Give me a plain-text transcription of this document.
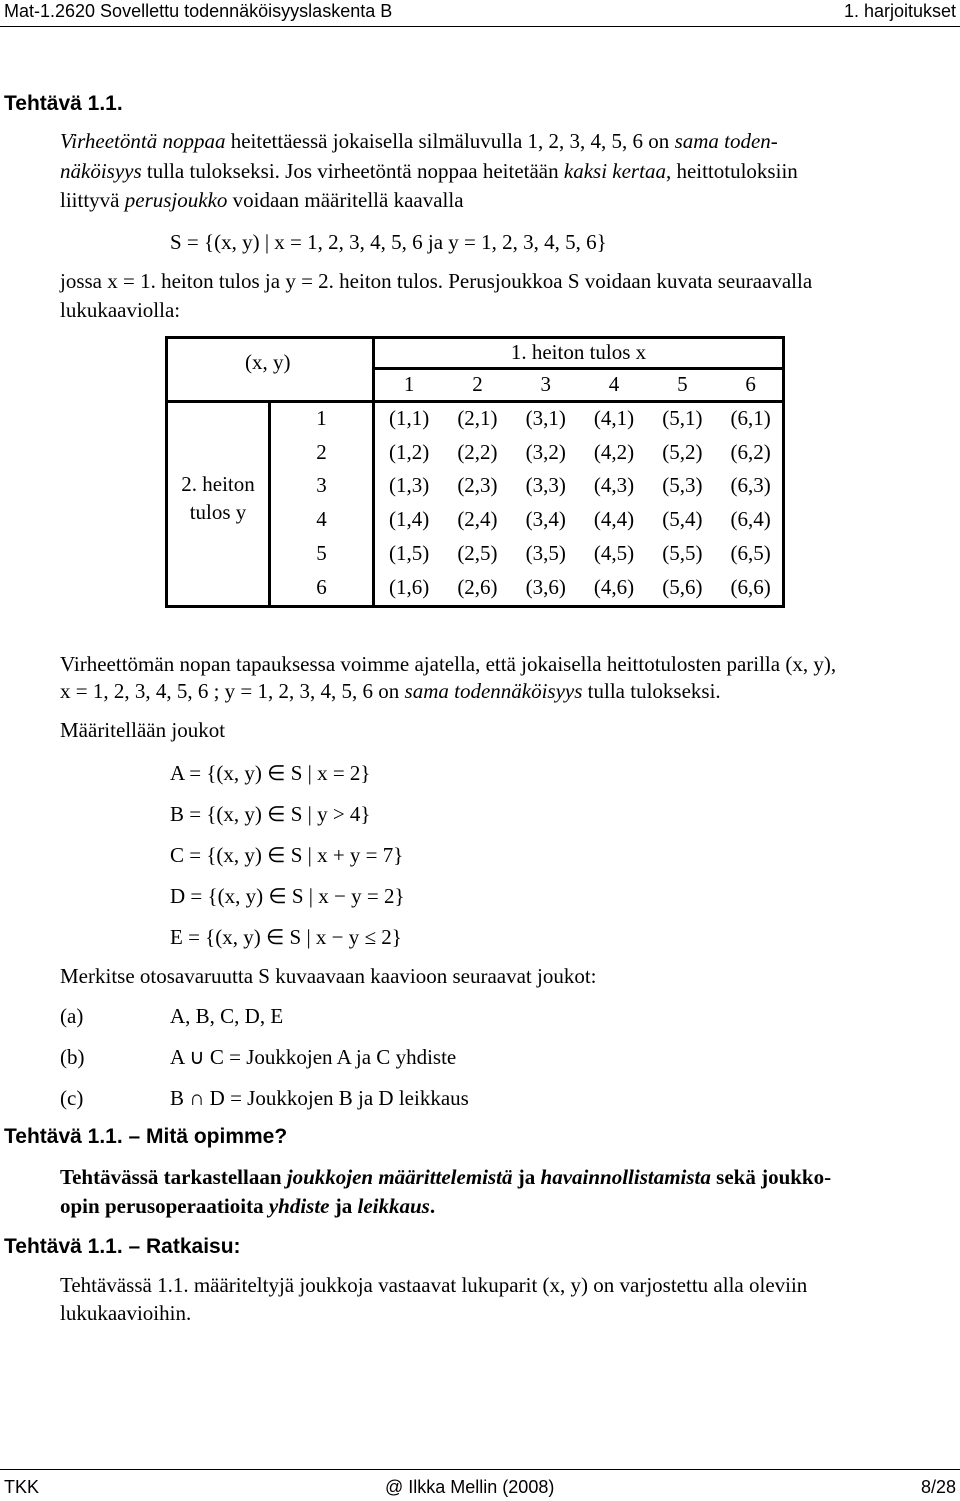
Mat-1.2620 Sovellettu todennäköisyyslaskenta B	1. harjoitukset
Tehtävä 1.1.
Virheetöntä noppaa heitettäessä jokaisella silmäluvulla 1, 2, 3, 4, 5, 6 on sama toden-
näköisyys tulla tulokseksi. Jos virheetöntä noppaa heitetään kaksi kertaa, heittotuloksiin
liittyvä perusjoukko voidaan määritellä kaavalla
S = {(x, y) | x = 1, 2, 3, 4, 5, 6 ja y = 1, 2, 3, 4, 5, 6}
jossa x = 1. heiton tulos ja y = 2. heiton tulos. Perusjoukkoa S voidaan kuvata seuraavalla
lukukaaviolla:
(x, y)	1. heiton tulos x
2. heiton
tulos y
1	2	3	4	5	6
1	(1,1)	(2,1)	(3,1)	(4,1)	(5,1)	(6,1)
2	(1,2)	(2,2)	(3,2)	(4,2)	(5,2)	(6,2)
3	(1,3)	(2,3)	(3,3)	(4,3)	(5,3)	(6,3)
4	(1,4)	(2,4)	(3,4)	(4,4)	(5,4)	(6,4)
5	(1,5)	(2,5)	(3,5)	(4,5)	(5,5)	(6,5)
6	(1,6)	(2,6)	(3,6)	(4,6)	(5,6)	(6,6)
Virheettömän nopan tapauksessa voimme ajatella, että jokaisella heittotulosten parilla (x, y),
x = 1, 2, 3, 4, 5, 6 ; y = 1, 2, 3, 4, 5, 6 on sama todennäköisyys tulla tulokseksi.
Määritellään joukot
A = {(x, y) ∈ S | x = 2}
B = {(x, y) ∈ S | y > 4}
C = {(x, y) ∈ S | x + y = 7}
D = {(x, y) ∈ S | x − y = 2}
E = {(x, y) ∈ S | x − y ≤ 2}
Merkitse otosavaruutta S kuvaavaan kaavioon seuraavat joukot:
(a)	A, B, C, D, E
(b)	A ∪ C = Joukkojen A ja C yhdiste
(c)	B ∩ D = Joukkojen B ja D leikkaus
Tehtävä 1.1. – Mitä opimme?
Tehtävässä tarkastellaan joukkojen määrittelemistä ja havainnollistamista sekä joukko-
opin perusoperaatioita yhdiste ja leikkaus.
Tehtävä 1.1. – Ratkaisu:
Tehtävässä 1.1. määriteltyjä joukkoja vastaavat lukuparit (x, y) on varjostettu alla oleviin
lukukaavioihin.
TKK	@ Ilkka Mellin (2008)	8/28
